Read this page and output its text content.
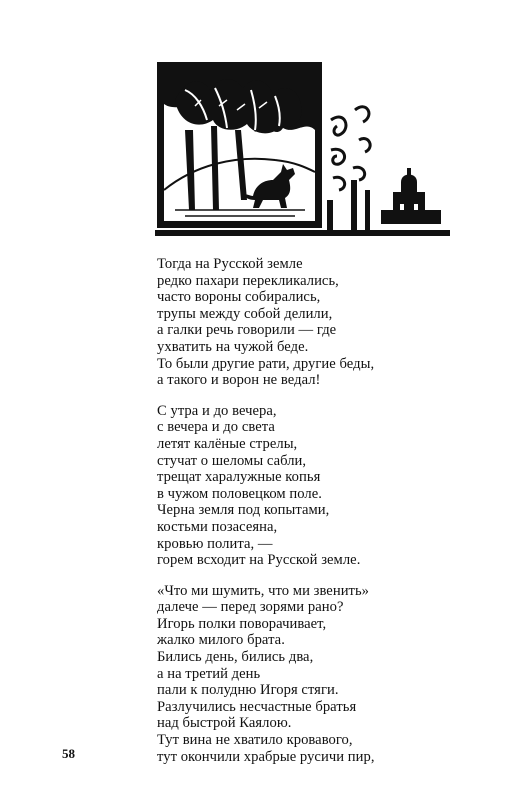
Тогда на Русской земле
редко пахари перекликались,
часто вороны собирались,
трупы между собой делили,
а галки речь говорили — где
ухватить на чужой беде.
То были другие рати, другие беды,
а такого и ворон не ведал!
С утра и до вечера,
с вечера и до света
летят калёные стрелы,
стучат о шеломы сабли,
трещат харалужные копья
в чужом половецком поле.
Черна земля под копытами,
костьми позасеяна,
кровью полита, —
горем всходит на Русской земле.
«Что ми шумить, что ми звенить»
далече — перед зорями рано?
Игорь полки поворачивает,
жалко милого брата.
Бились день, бились два,
а на третий день
пали к полудню Игоря стяги.
Разлучились несчастные братья
над быстрой Каялою.
Тут вина не хватило кровавого,
тут окончили храбрые русичи пир,
58
